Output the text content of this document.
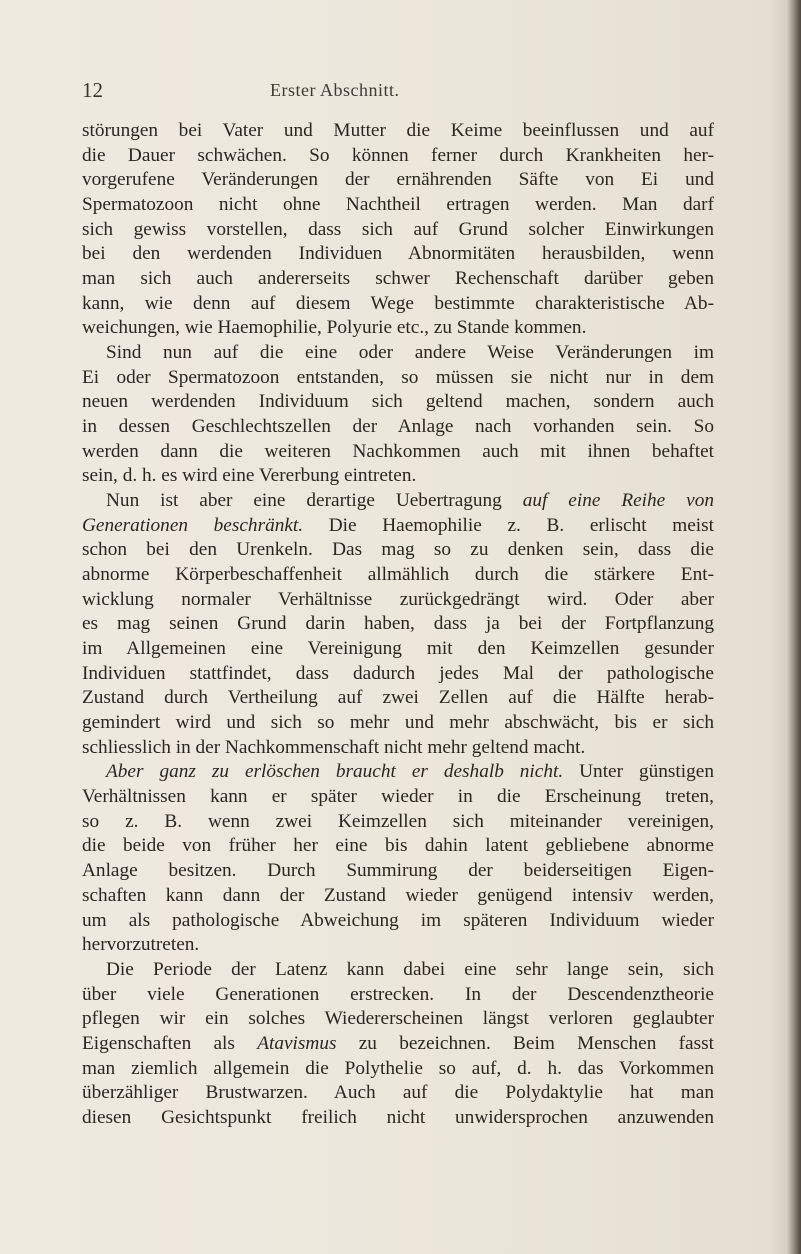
12	Erster Abschnitt.
störungen bei Vater und Mutter die Keime beeinflussen und auf
die Dauer schwächen. So können ferner durch Krankheiten her-
vorgerufene Veränderungen der ernährenden Säfte von Ei und
Spermatozoon nicht ohne Nachtheil ertragen werden. Man darf
sich gewiss vorstellen, dass sich auf Grund solcher Einwirkungen
bei den werdenden Individuen Abnormitäten herausbilden, wenn
man sich auch andererseits schwer Rechenschaft darüber geben
kann, wie denn auf diesem Wege bestimmte charakteristische Ab-
weichungen, wie Haemophilie, Polyurie etc., zu Stande kommen.
Sind nun auf die eine oder andere Weise Veränderungen im
Ei oder Spermatozoon entstanden, so müssen sie nicht nur in dem
neuen werdenden Individuum sich geltend machen, sondern auch
in dessen Geschlechtszellen der Anlage nach vorhanden sein. So
werden dann die weiteren Nachkommen auch mit ihnen behaftet
sein, d. h. es wird eine Vererbung eintreten.
Nun ist aber eine derartige Uebertragung auf eine Reihe von
Generationen beschränkt. Die Haemophilie z. B. erlischt meist
schon bei den Urenkeln. Das mag so zu denken sein, dass die
abnorme Körperbeschaffenheit allmählich durch die stärkere Ent-
wicklung normaler Verhältnisse zurückgedrängt wird. Oder aber
es mag seinen Grund darin haben, dass ja bei der Fortpflanzung
im Allgemeinen eine Vereinigung mit den Keimzellen gesunder
Individuen stattfindet, dass dadurch jedes Mal der pathologische
Zustand durch Vertheilung auf zwei Zellen auf die Hälfte herab-
gemindert wird und sich so mehr und mehr abschwächt, bis er sich
schliesslich in der Nachkommenschaft nicht mehr geltend macht.
Aber ganz zu erlöschen braucht er deshalb nicht. Unter günstigen
Verhältnissen kann er später wieder in die Erscheinung treten,
so z. B. wenn zwei Keimzellen sich miteinander vereinigen,
die beide von früher her eine bis dahin latent gebliebene abnorme
Anlage besitzen. Durch Summirung der beiderseitigen Eigen-
schaften kann dann der Zustand wieder genügend intensiv werden,
um als pathologische Abweichung im späteren Individuum wieder
hervorzutreten.
Die Periode der Latenz kann dabei eine sehr lange sein, sich
über viele Generationen erstrecken. In der Descendenztheorie
pflegen wir ein solches Wiedererscheinen längst verloren geglaubter
Eigenschaften als Atavismus zu bezeichnen. Beim Menschen fasst
man ziemlich allgemein die Polythelie so auf, d. h. das Vorkommen
überzähliger Brustwarzen. Auch auf die Polydaktylie hat man
diesen Gesichtspunkt freilich nicht unwidersprochen anzuwenden
